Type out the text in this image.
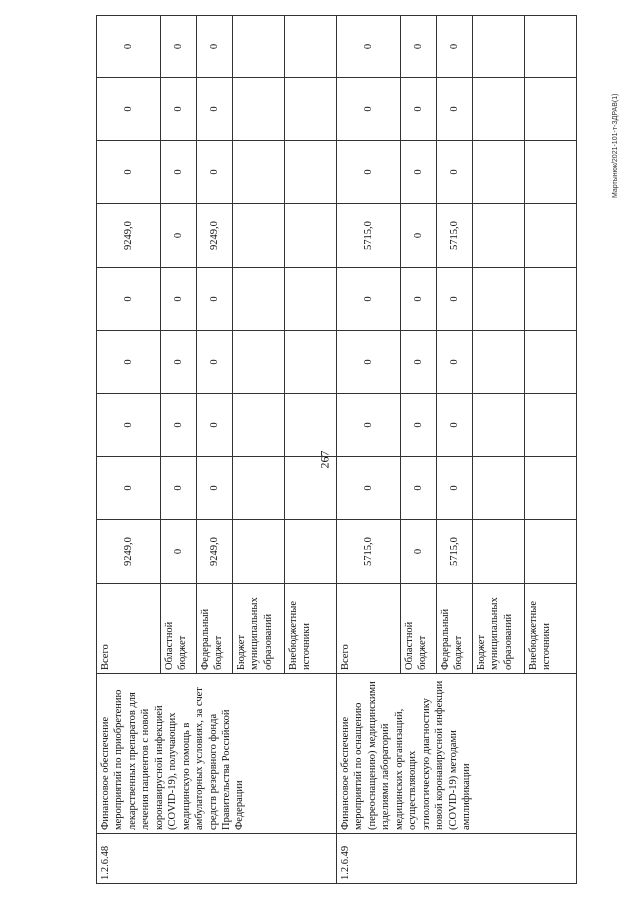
267
1.2.6.48	Финансовое обеспечение мероприятий по приобретению лекарственных препаратов для лечения пациентов с новой коронавирусной инфекцией (COVID-19), получающих медицинскую помощь в амбулаторных условиях, за счет средств резервного фонда Правительства Российской Федерации	Всего	9249,0	0	0	0	0	9249,0	0	0	0
		Областной бюджет	0	0	0	0	0	0	0	0	0
		Федеральный бюджет	9249,0	0	0	0	0	9249,0	0	0	0
		Бюджет муниципальных образований									
		Внебюджетные источники									
1.2.6.49	Финансовое обеспечение мероприятий по оснащению (переоснащению) медицинскими изделиями лабораторий медицинских организаций, осуществляющих этиологическую диагностику новой коронавирусной инфекции (COVID-19) методами амплификации	Всего	5715,0	0	0	0	0	5715,0	0	0	0
		Областной бюджет	0	0	0	0	0	0	0	0	0
		Федеральный бюджет	5715,0	0	0	0	0	5715,0	0	0	0
		Бюджет муниципальных образований									
		Внебюджетные источники									
Мартынюк/2021-101-т-ЗДРАВ(1)
